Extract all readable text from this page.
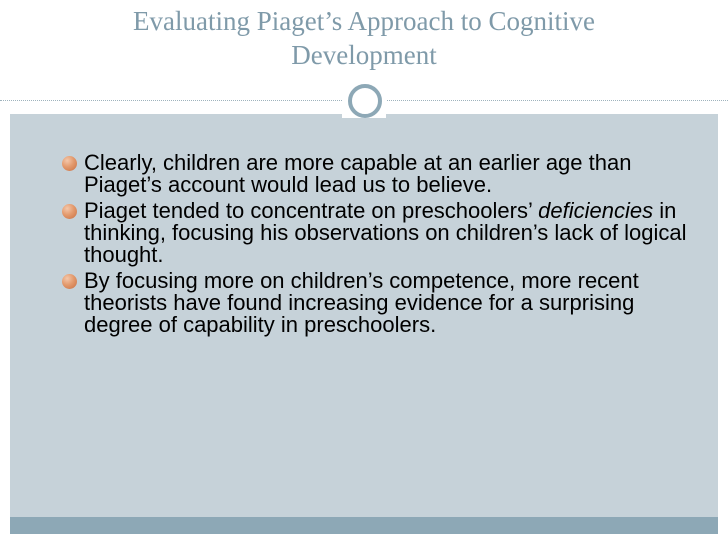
Evaluating Piaget’s Approach to Cognitive
Development
Clearly, children are more capable at an earlier age than Piaget’s account would lead us to believe.
Piaget tended to concentrate on preschoolers’ deficiencies in thinking, focusing his observations on children’s lack of logical thought.
By focusing more on children’s competence, more recent theorists have found increasing evidence for a surprising degree of capability in preschoolers.
